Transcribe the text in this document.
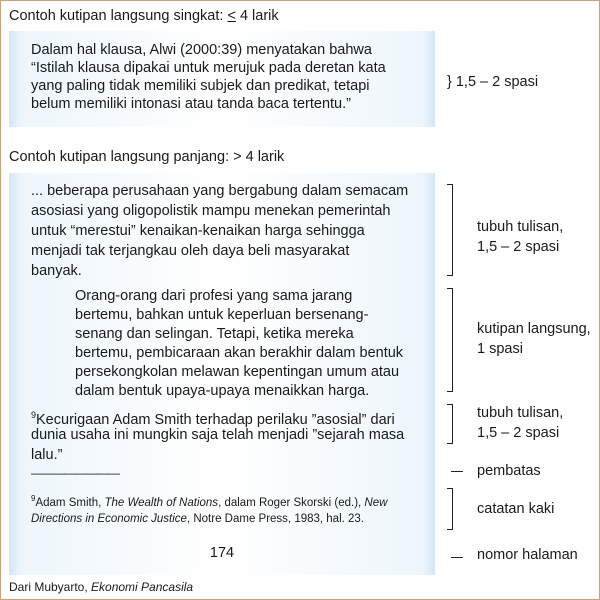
Contoh kutipan langsung singkat: < 4 larik
Dalam hal klausa, Alwi (2000:39) menyatakan bahwa
“Istilah klausa dipakai untuk merujuk pada deretan kata
yang paling tidak memiliki subjek dan predikat, tetapi
belum memiliki intonasi atau tanda baca tertentu.”
} 1,5 – 2 spasi
Contoh kutipan langsung panjang: > 4 larik
... beberapa perusahaan yang bergabung dalam semacam
asosiasi yang oligopolistik mampu menekan pemerintah
untuk “merestui” kenaikan-kenaikan harga sehingga
menjadi tak terjangkau oleh daya beli masyarakat
banyak.
Orang-orang dari profesi yang sama jarang
bertemu, bahkan untuk keperluan bersenang-
senang dan selingan. Tetapi, ketika mereka
bertemu, pembicaraan akan berakhir dalam bentuk
persekongkolan melawan kepentingan umum atau
dalam bentuk upaya-upaya menaikkan harga.
$^9$Kecurigaan Adam Smith terhadap perilaku ”asosial” dari
dunia usaha ini mungkin saja telah menjadi ”sejarah masa
lalu.”
————————
$^9$Adam Smith, The Wealth of Nations, dalam Roger Skorski (ed.), New
Directions in Economic Justice, Notre Dame Press, 1983, hal. 23.
174
tubuh tulisan,
1,5 – 2 spasi
kutipan langsung,
1 spasi
tubuh tulisan,
1,5 – 2 spasi
pembatas
catatan kaki
nomor halaman
Dari Mubyarto, Ekonomi Pancasila
